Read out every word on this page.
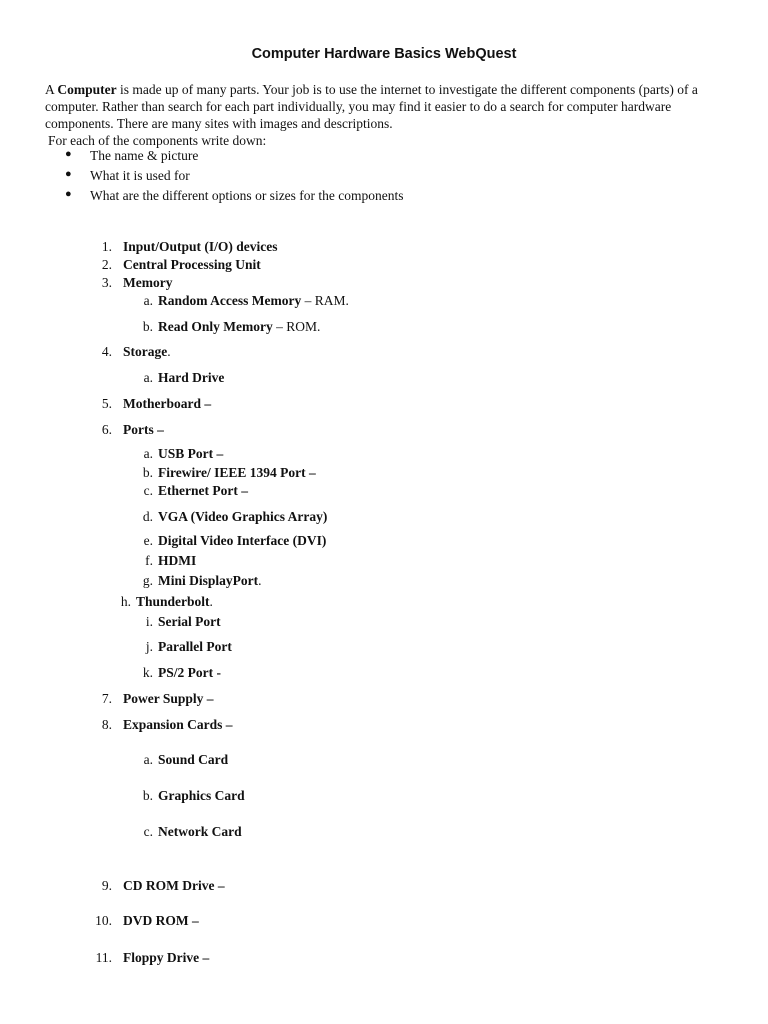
Computer Hardware Basics WebQuest

A Computer is made up of many parts. Your job is to use the internet to investigate the different components (parts) of a computer. Rather than search for each part individually, you may find it easier to do a search for computer hardware components. There are many sites with images and descriptions.

For each of the components write down:

● The name & picture
● What it is used for
● What are the different options or sizes for the components
1. Input/Output (I/O) devices
2. Central Processing Unit
3. Memory
a. Random Access Memory – RAM.
b. Read Only Memory – ROM.
4. Storage.
a. Hard Drive
5. Motherboard –
6. Ports –
a. USB Port –
b. Firewire/ IEEE 1394 Port –
c. Ethernet Port –
d. VGA (Video Graphics Array)
e. Digital Video Interface (DVI)
f. HDMI
g. Mini DisplayPort.
h. Thunderbolt.
i. Serial Port
j. Parallel Port
k. PS/2 Port -
7. Power Supply –
8. Expansion Cards –
a. Sound Card
b. Graphics Card
c. Network Card
9. CD ROM Drive –
10. DVD ROM –
11. Floppy Drive –
